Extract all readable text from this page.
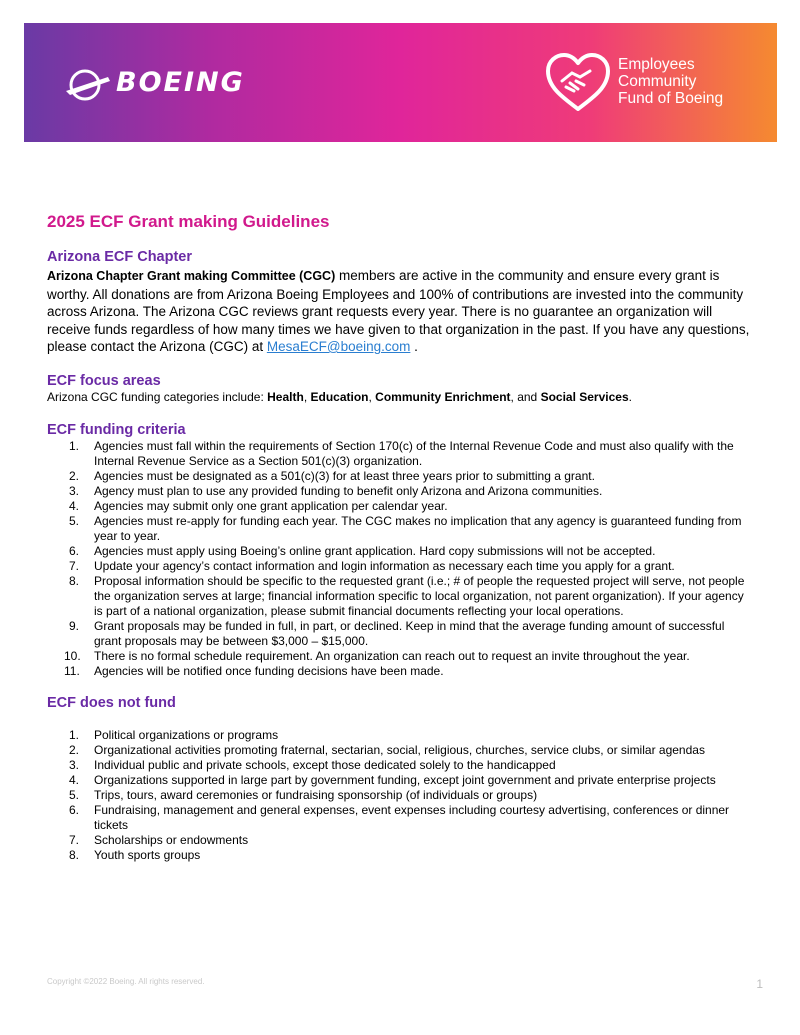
BOEING
Employees
Community
Fund of Boeing
2025 ECF Grant making Guidelines
Arizona ECF Chapter

Arizona Chapter Grant making Committee (CGC) members are active in the community and ensure every grant is worthy. All donations are from Arizona Boeing Employees and 100% of contributions are invested into the community across Arizona. The Arizona CGC reviews grant requests every year. There is no guarantee an organization will receive funds regardless of how many times we have given to that organization in the past. If you have any questions, please contact the Arizona (CGC) at MesaECF@boeing.com .

ECF focus areas

Arizona CGC funding categories include: Health, Education, Community Enrichment, and Social Services.

ECF funding criteria
1.	Agencies must fall within the requirements of Section 170(c) of the Internal Revenue Code and must also qualify with the Internal Revenue Service as a Section 501(c)(3) organization.
2.	Agencies must be designated as a 501(c)(3) for at least three years prior to submitting a grant.
3.	Agency must plan to use any provided funding to benefit only Arizona and Arizona communities.
4.	Agencies may submit only one grant application per calendar year.
5.	Agencies must re-apply for funding each year. The CGC makes no implication that any agency is guaranteed funding from year to year.
6.	Agencies must apply using Boeing’s online grant application. Hard copy submissions will not be accepted.
7.	Update your agency’s contact information and login information as necessary each time you apply for a grant.
8.	Proposal information should be specific to the requested grant (i.e.; # of people the requested project will serve, not people the organization serves at large; financial information specific to local organization, not parent organization). If your agency is part of a national organization, please submit financial documents reflecting your local operations.
9.	Grant proposals may be funded in full, in part, or declined. Keep in mind that the average funding amount of successful grant proposals may be between $3,000 – $15,000.
10. There is no formal schedule requirement. An organization can reach out to request an invite throughout the year.
11.	Agencies will be notified once funding decisions have been made.
ECF does not fund
1.	Political organizations or programs
2.	Organizational activities promoting fraternal, sectarian, social, religious, churches, service clubs, or similar agendas
3.	Individual public and private schools, except those dedicated solely to the handicapped
4.	Organizations supported in large part by government funding, except joint government and private enterprise projects
5.	Trips, tours, award ceremonies or fundraising sponsorship (of individuals or groups)
6.	Fundraising, management and general expenses, event expenses including courtesy advertising, conferences or dinner tickets
7.	Scholarships or endowments
8.	Youth sports groups
Copyright ©2022 Boeing. All rights reserved.	1
